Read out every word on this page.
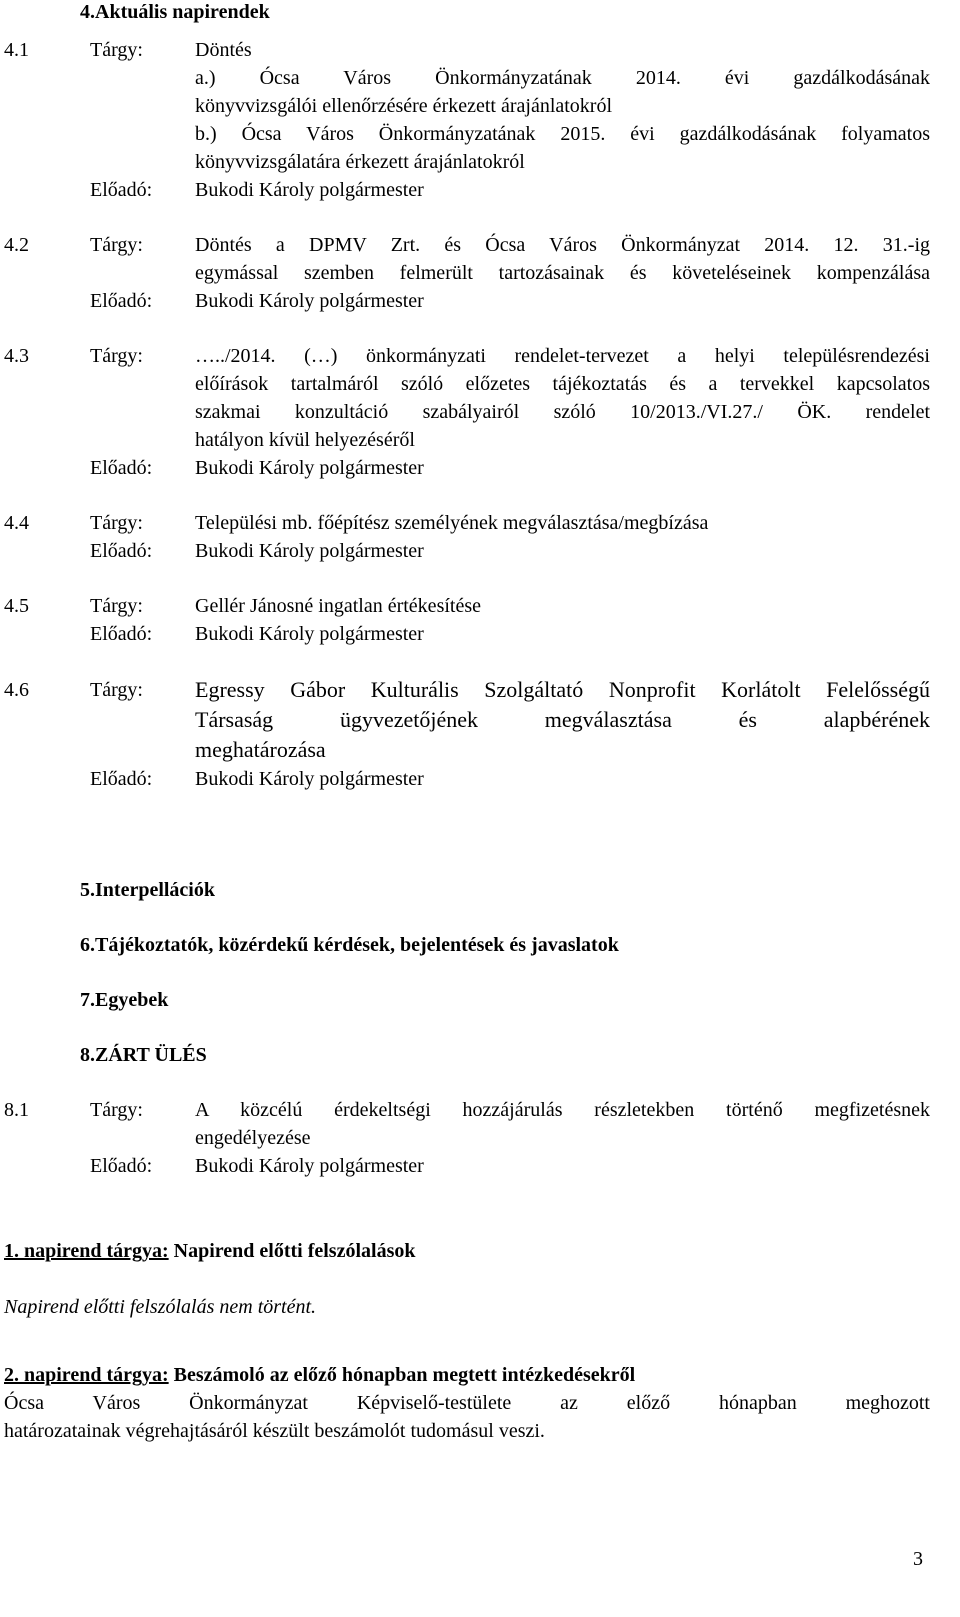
4.Aktuális napirendek
4.1	Tárgy:	Döntés
a.) Ócsa Város Önkormányzatának 2014. évi gazdálkodásának
könyvvizsgálói ellenőrzésére érkezett árajánlatokról
b.) Ócsa Város Önkormányzatának 2015. évi gazdálkodásának folyamatos
könyvvizsgálatára érkezett árajánlatokról
Előadó: Bukodi Károly polgármester
4.2	Tárgy:	Döntés a DPMV Zrt. és Ócsa Város Önkormányzat 2014. 12. 31.-ig
egymással szemben felmerült tartozásainak és követeléseinek kompenzálása
Előadó: Bukodi Károly polgármester
4.3	Tárgy:	…../2014. (…) önkormányzati rendelet-tervezet a helyi településrendezési
előírások tartalmáról szóló előzetes tájékoztatás és a tervekkel kapcsolatos
szakmai konzultáció szabályairól szóló 10/2013./VI.27./ ÖK. rendelet
hatályon kívül helyezéséről
Előadó: Bukodi Károly polgármester
4.4	Tárgy:	Települési mb. főépítész személyének megválasztása/megbízása
Előadó: Bukodi Károly polgármester
4.5	Tárgy:	Gellér Jánosné ingatlan értékesítése
Előadó: Bukodi Károly polgármester
4.6	Tárgy: Egressy Gábor Kulturális Szolgáltató Nonprofit Korlátolt Felelősségű
Társaság ügyvezetőjének megválasztása és alapbérének
meghatározása
Előadó: Bukodi Károly polgármester
5.Interpellációk
6.Tájékoztatók, közérdekű kérdések, bejelentések és javaslatok
7.Egyebek
8.ZÁRT ÜLÉS
8.1	Tárgy:	A közcélú érdekeltségi hozzájárulás részletekben történő megfizetésnek
engedélyezése
Előadó: Bukodi Károly polgármester
1. napirend tárgya: Napirend előtti felszólalások
Napirend előtti felszólalás nem történt.
2. napirend tárgya: Beszámoló az előző hónapban megtett intézkedésekről
Ócsa Város Önkormányzat Képviselő-testülete az előző hónapban meghozott
határozatainak végrehajtásáról készült beszámolót tudomásul veszi.
3
